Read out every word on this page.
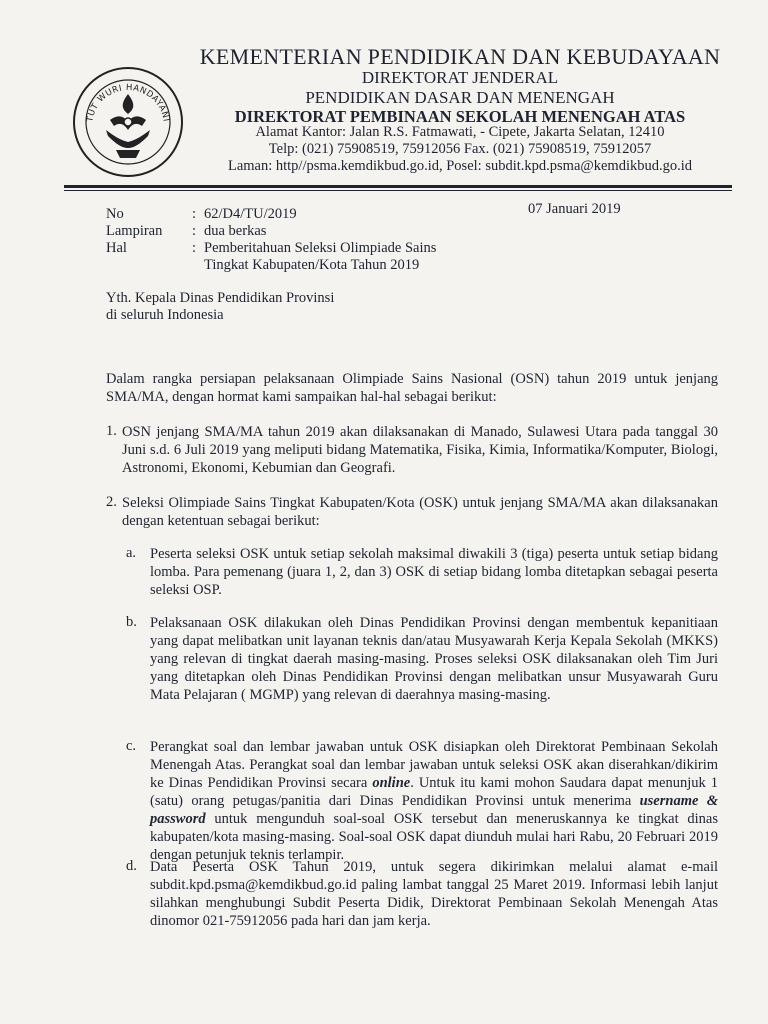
TUT WURI HANDAYANI
KEMENTERIAN PENDIDIKAN DAN KEBUDAYAAN
DIREKTORAT JENDERAL
PENDIDIKAN DASAR DAN MENENGAH
DIREKTORAT PEMBINAAN SEKOLAH MENENGAH ATAS
Alamat Kantor: Jalan R.S. Fatmawati, - Cipete, Jakarta Selatan, 12410
Telp: (021) 75908519, 75912056 Fax. (021) 75908519, 75912057
Laman: http//psma.kemdikbud.go.id, Posel: subdit.kpd.psma@kemdikbud.go.id
No	: 62/D4/TU/2019	07 Januari 2019
Lampiran : dua berkas
Hal	: Pemberitahuan Seleksi Olimpiade Sains
Tingkat Kabupaten/Kota Tahun 2019
Yth. Kepala Dinas Pendidikan Provinsi
di seluruh Indonesia

Dalam rangka persiapan pelaksanaan Olimpiade Sains Nasional (OSN) tahun 2019 untuk jenjang SMA/MA, dengan hormat kami sampaikan hal-hal sebagai berikut:

1. OSN jenjang SMA/MA tahun 2019 akan dilaksanakan di Manado, Sulawesi Utara pada tanggal 30 Juni s.d. 6 Juli 2019 yang meliputi bidang Matematika, Fisika, Kimia, Informatika/Komputer, Biologi, Astronomi, Ekonomi, Kebumian dan Geografi.

2. Seleksi Olimpiade Sains Tingkat Kabupaten/Kota (OSK) untuk jenjang SMA/MA akan dilaksanakan dengan ketentuan sebagai berikut:

a. Peserta seleksi OSK untuk setiap sekolah maksimal diwakili 3 (tiga) peserta untuk setiap bidang lomba. Para pemenang (juara 1, 2, dan 3) OSK di setiap bidang lomba ditetapkan sebagai peserta seleksi OSP.

b. Pelaksanaan OSK dilakukan oleh Dinas Pendidikan Provinsi dengan membentuk kepanitiaan yang dapat melibatkan unit layanan teknis dan/atau Musyawarah Kerja Kepala Sekolah (MKKS) yang relevan di tingkat daerah masing-masing. Proses seleksi OSK dilaksanakan oleh Tim Juri yang ditetapkan oleh Dinas Pendidikan Provinsi dengan melibatkan unsur Musyawarah Guru Mata Pelajaran ( MGMP) yang relevan di daerahnya masing-masing.

c. Perangkat soal dan lembar jawaban untuk OSK disiapkan oleh Direktorat Pembinaan Sekolah Menengah Atas. Perangkat soal dan lembar jawaban untuk seleksi OSK akan diserahkan/dikirim ke Dinas Pendidikan Provinsi secara online. Untuk itu kami mohon Saudara dapat menunjuk 1 (satu) orang petugas/panitia dari Dinas Pendidikan Provinsi untuk menerima username & password untuk mengunduh soal-soal OSK tersebut dan meneruskannya ke tingkat dinas kabupaten/kota masing-masing. Soal-soal OSK dapat diunduh mulai hari Rabu, 20 Februari 2019 dengan petunjuk teknis terlampir.

d. Data Peserta OSK Tahun 2019, untuk segera dikirimkan melalui alamat e-mail subdit.kpd.psma@kemdikbud.go.id paling lambat tanggal 25 Maret 2019. Informasi lebih lanjut silahkan menghubungi Subdit Peserta Didik, Direktorat Pembinaan Sekolah Menengah Atas dinomor 021-75912056 pada hari dan jam kerja.
